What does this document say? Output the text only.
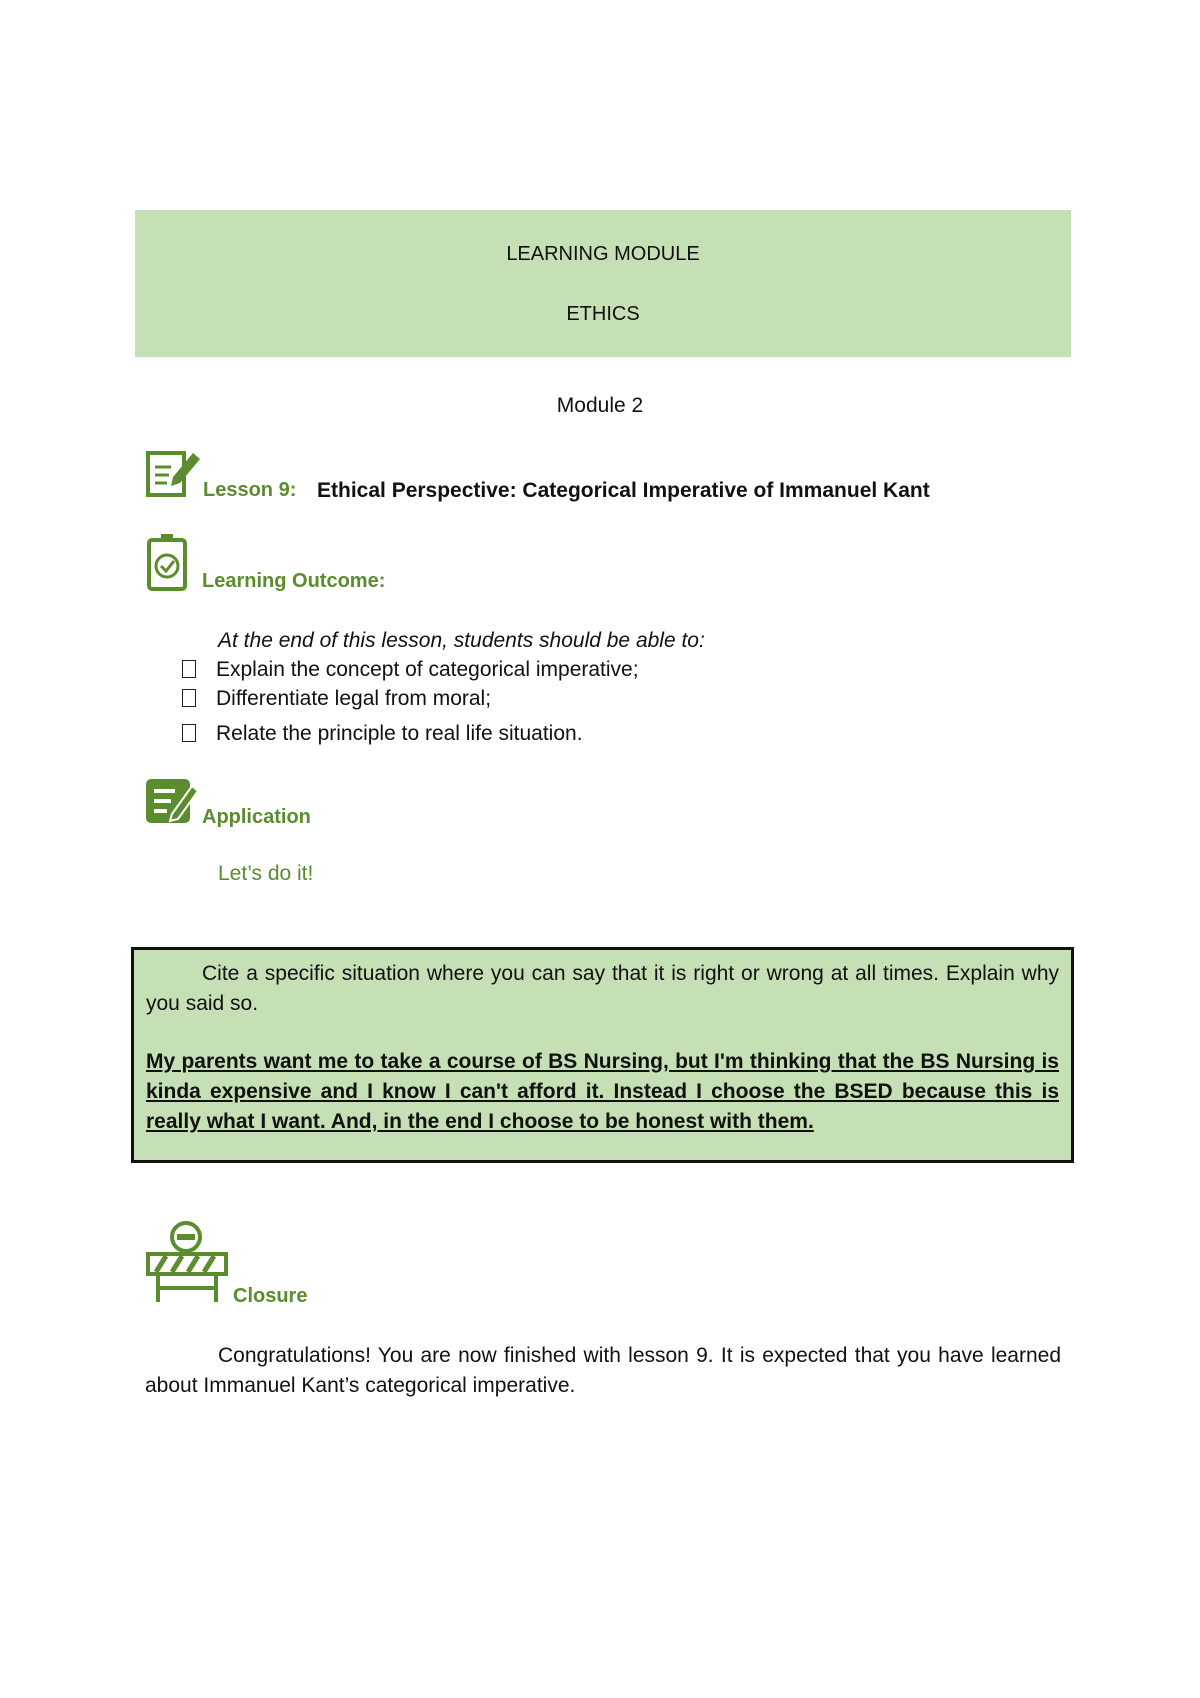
LEARNING MODULE
ETHICS
Module 2
Lesson 9: Ethical Perspective: Categorical Imperative of Immanuel Kant
Learning Outcome:
At the end of this lesson, students should be able to:
Explain the concept of categorical imperative;
Differentiate legal from moral;
Relate the principle to real life situation.
Application
Let’s do it!

Cite a specific situation where you can say that it is right or wrong at all times. Explain why you said so.

My parents want me to take a course of BS Nursing, but I'm thinking that the BS Nursing is kinda expensive and I know I can't afford it. Instead I choose the BSED because this is really what I want. And, in the end I choose to be honest with them.

Closure

Congratulations! You are now finished with lesson 9. It is expected that you have learned about Immanuel Kant’s categorical imperative.
